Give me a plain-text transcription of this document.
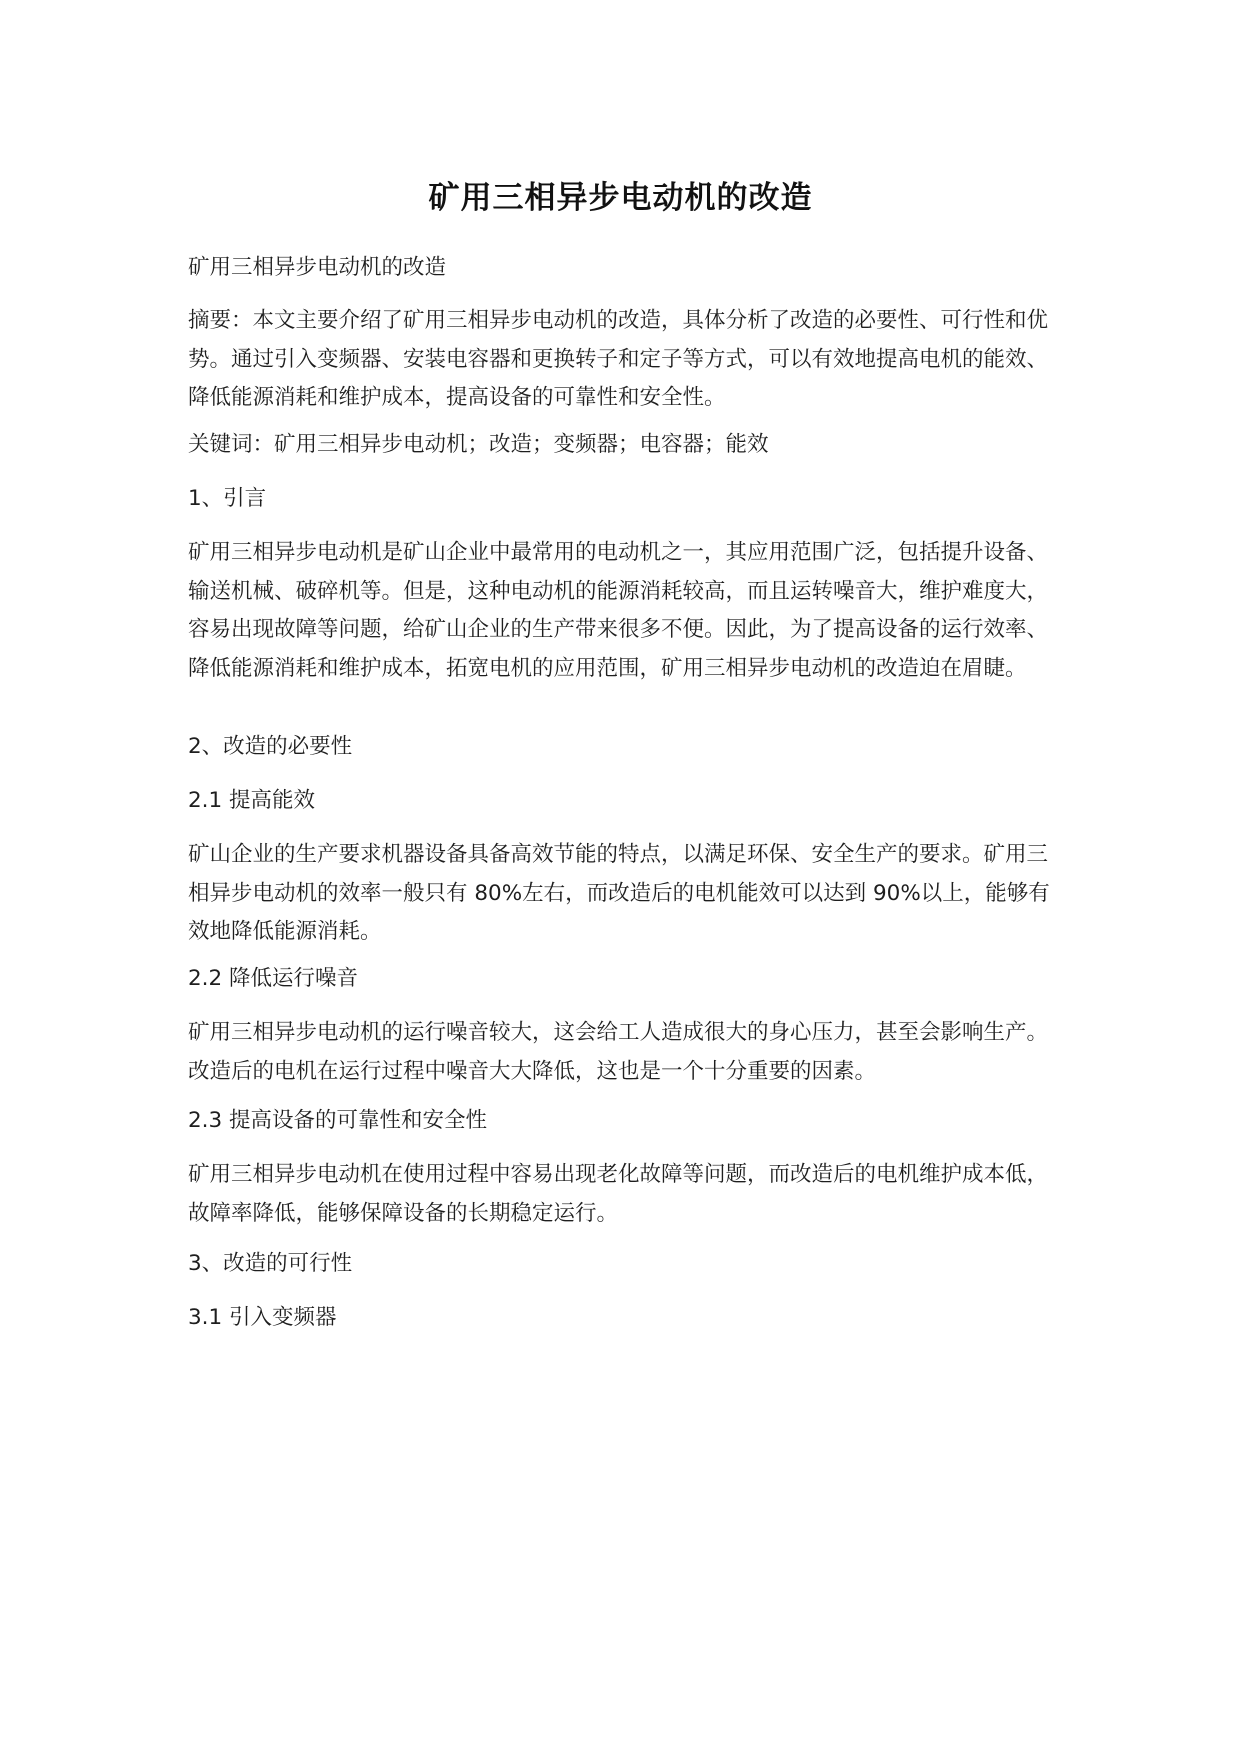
矿用三相异步电动机的改造

矿用三相异步电动机的改造

摘要：本文主要介绍了矿用三相异步电动机的改造，具体分析了改造的必要性、可行性和优势。通过引入变频器、安装电容器和更换转子和定子等方式，可以有效地提高电机的能效、降低能源消耗和维护成本，提高设备的可靠性和安全性。

关键词：矿用三相异步电动机；改造；变频器；电容器；能效

1、引言

矿用三相异步电动机是矿山企业中最常用的电动机之一，其应用范围广泛，包括提升设备、输送机械、破碎机等。但是，这种电动机的能源消耗较高，而且运转噪音大，维护难度大，容易出现故障等问题，给矿山企业的生产带来很多不便。因此，为了提高设备的运行效率、降低能源消耗和维护成本，拓宽电机的应用范围，矿用三相异步电动机的改造迫在眉睫。

2、改造的必要性

2.1 提高能效

矿山企业的生产要求机器设备具备高效节能的特点，以满足环保、安全生产的要求。矿用三相异步电动机的效率一般只有 80%左右，而改造后的电机能效可以达到 90%以上，能够有效地降低能源消耗。

2.2 降低运行噪音

矿用三相异步电动机的运行噪音较大，这会给工人造成很大的身心压力，甚至会影响生产。改造后的电机在运行过程中噪音大大降低，这也是一个十分重要的因素。

2.3 提高设备的可靠性和安全性

矿用三相异步电动机在使用过程中容易出现老化故障等问题，而改造后的电机维护成本低，故障率降低，能够保障设备的长期稳定运行。

3、改造的可行性

3.1 引入变频器
